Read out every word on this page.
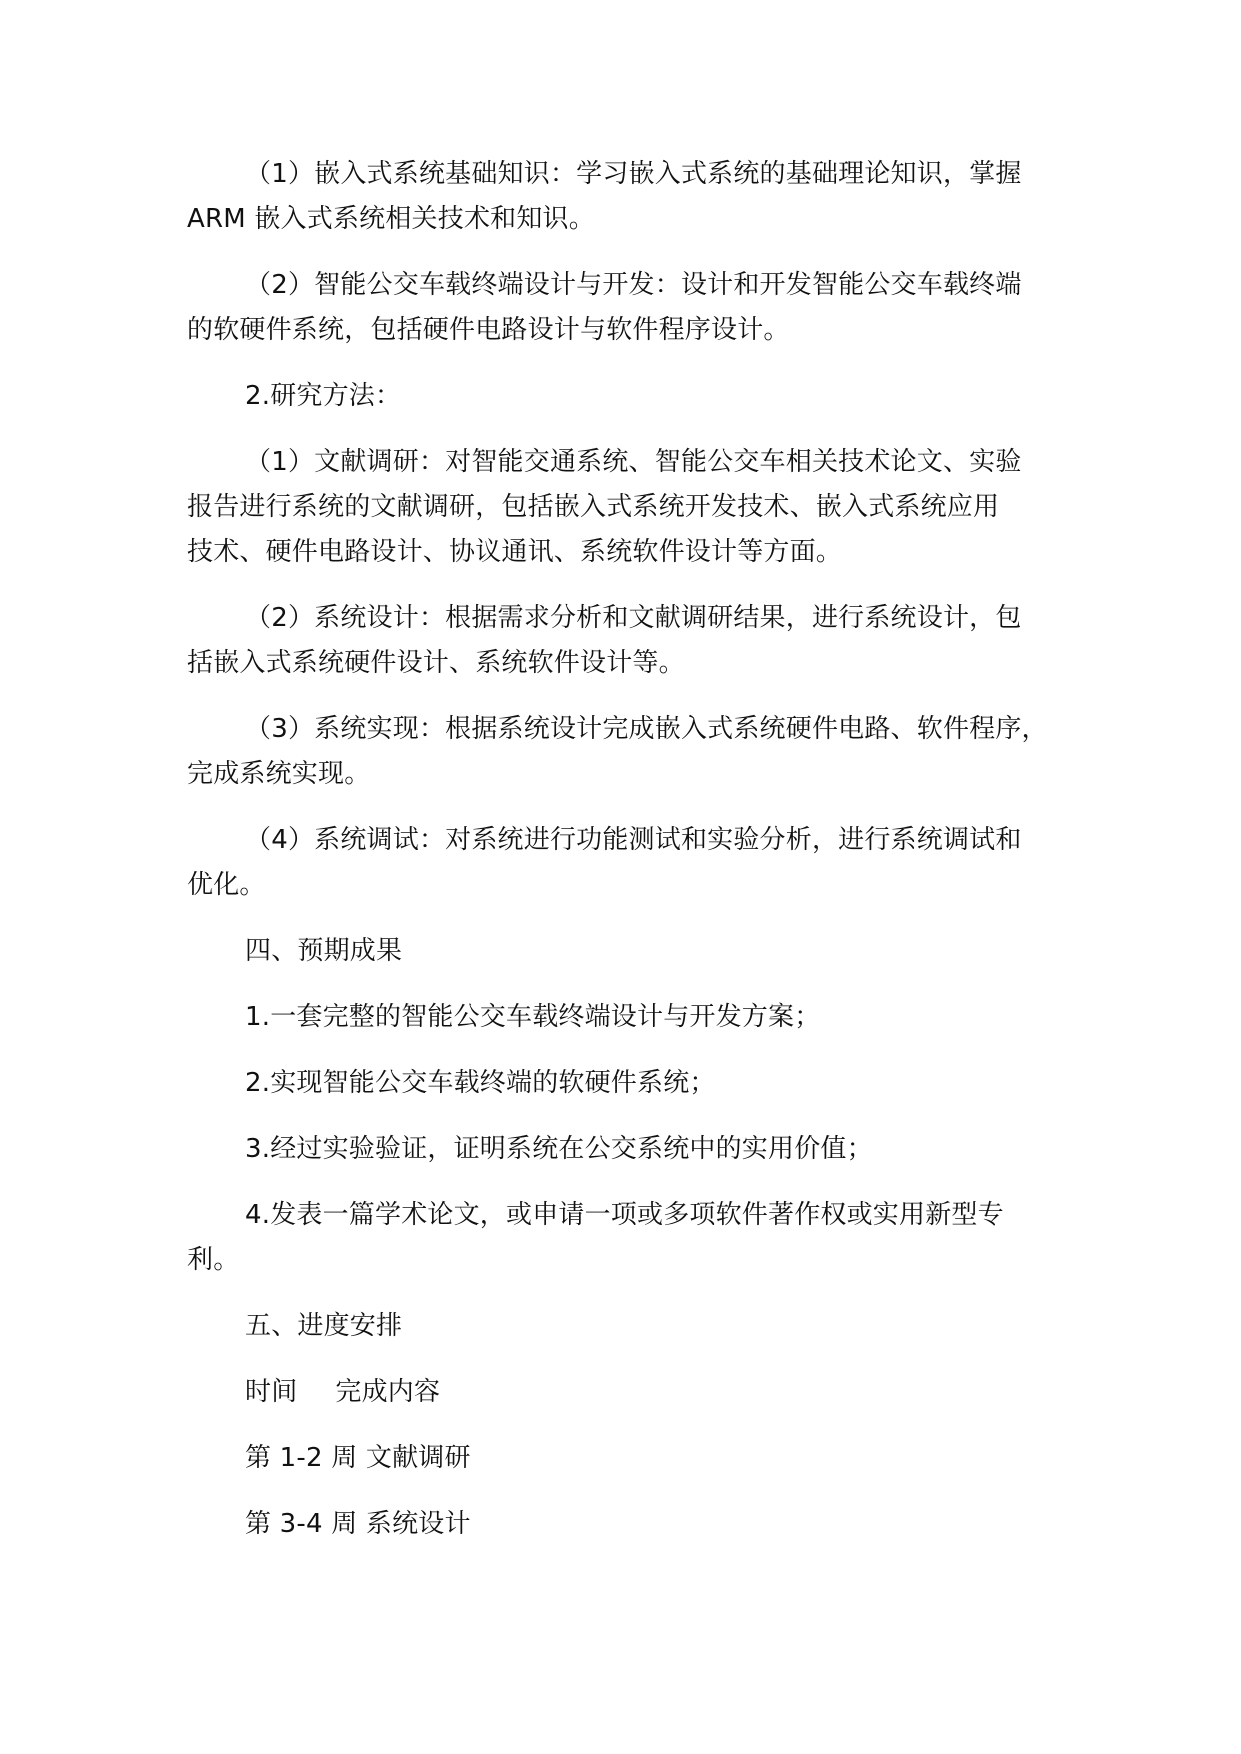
（1）嵌入式系统基础知识：学习嵌入式系统的基础理论知识，掌握
ARM 嵌入式系统相关技术和知识。

（2）智能公交车载终端设计与开发：设计和开发智能公交车载终端
的软硬件系统，包括硬件电路设计与软件程序设计。

2.研究方法：

（1）文献调研：对智能交通系统、智能公交车相关技术论文、实验
报告进行系统的文献调研，包括嵌入式系统开发技术、嵌入式系统应用
技术、硬件电路设计、协议通讯、系统软件设计等方面。

（2）系统设计：根据需求分析和文献调研结果，进行系统设计，包
括嵌入式系统硬件设计、系统软件设计等。

（3）系统实现：根据系统设计完成嵌入式系统硬件电路、软件程序，
完成系统实现。

（4）系统调试：对系统进行功能测试和实验分析，进行系统调试和
优化。

四、预期成果

1.一套完整的智能公交车载终端设计与开发方案；

2.实现智能公交车载终端的软硬件系统；

3.经过实验验证，证明系统在公交系统中的实用价值；

4.发表一篇学术论文，或申请一项或多项软件著作权或实用新型专
利。

五、进度安排

时间 完成内容

第 1-2 周 文献调研

第 3-4 周 系统设计
